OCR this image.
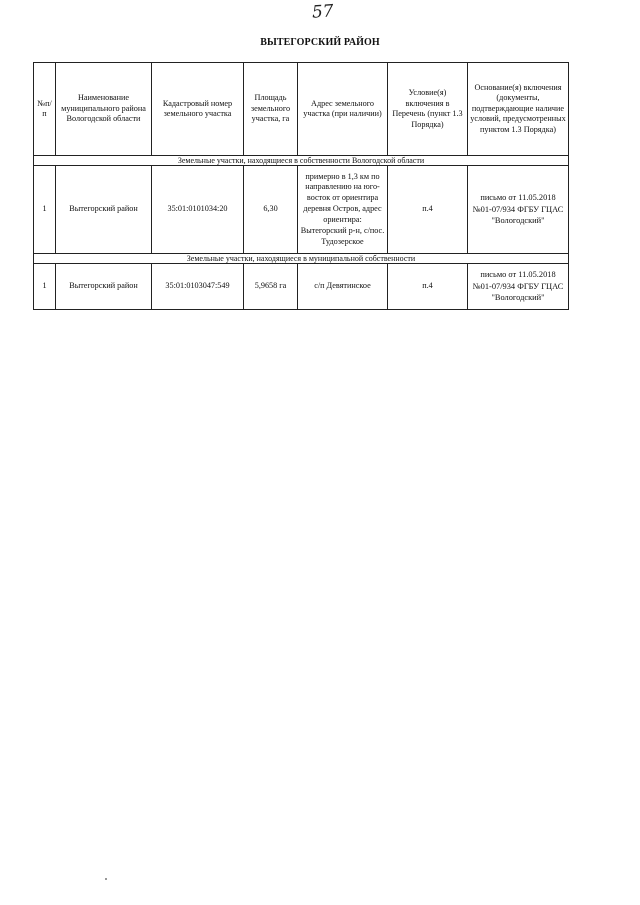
57
ВЫТЕГОРСКИЙ РАЙОН
№п/п	Наименование муниципального района Вологодской области	Кадастровый номер земельного участка	Площадь земельного участка, га	Адрес земельного участка (при наличии)	Условие(я) включения в Перечень (пункт 1.3 Порядка)	Основание(я) включения (документы, подтверждающие наличие условий, предусмотренных пунктом 1.3 Порядка)
Земельные участки, находящиеся в собственности Вологодской области						
1	Вытегорский район	35:01:0101034:20	6,30	примерно в 1,3 км по направлению на юго-восток от ориентира деревня Остров, адрес ориентира: Вытегорский р-н, с/пос. Тудозерское	п.4	письмо от 11.05.2018 №01-07/934 ФГБУ ГЦАС "Вологодский"
Земельные участки, находящиеся в муниципальной собственности						
1	Вытегорский район	35:01:0103047:549	5,9658 га	с/п Девятинское	п.4	письмо от 11.05.2018 №01-07/934 ФГБУ ГЦАС "Вологодский"
